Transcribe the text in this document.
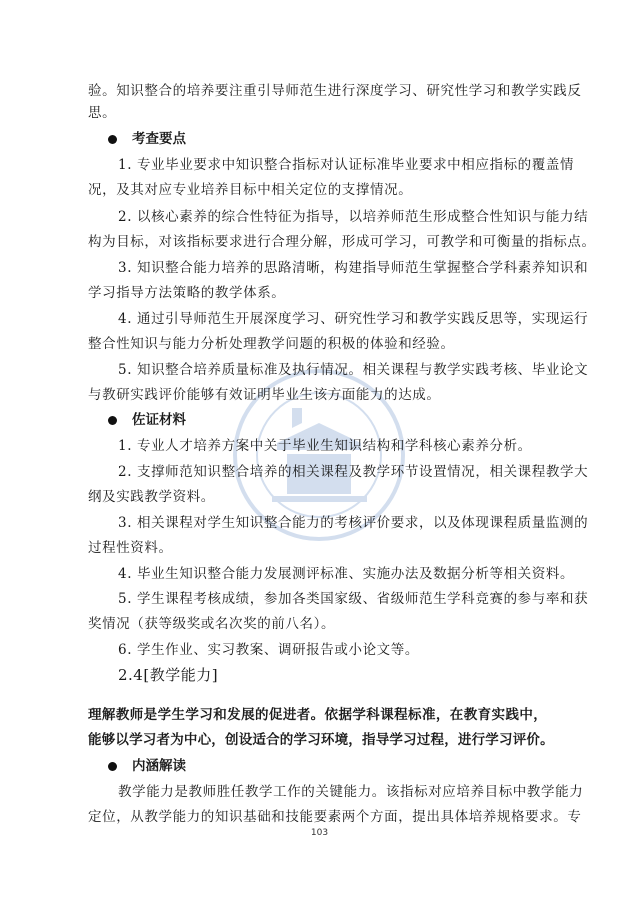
验。知识整合的培养要注重引导师范生进行深度学习、研究性学习和教学实践反
思。
考查要点
1. 专业毕业要求中知识整合指标对认证标准毕业要求中相应指标的覆盖情
况，及其对应专业培养目标中相关定位的支撑情况。
2. 以核心素养的综合性特征为指导，以培养师范生形成整合性知识与能力结
构为目标，对该指标要求进行合理分解，形成可学习，可教学和可衡量的指标点。
3. 知识整合能力培养的思路清晰，构建指导师范生掌握整合学科素养知识和
学习指导方法策略的教学体系。
4. 通过引导师范生开展深度学习、研究性学习和教学实践反思等，实现运行
整合性知识与能力分析处理教学问题的积极的体验和经验。
5. 知识整合培养质量标准及执行情况。相关课程与教学实践考核、毕业论文
与教研实践评价能够有效证明毕业生该方面能力的达成。
佐证材料
1. 专业人才培养方案中关于毕业生知识结构和学科核心素养分析。
2. 支撑师范知识整合培养的相关课程及教学环节设置情况，相关课程教学大
纲及实践教学资料。
3. 相关课程对学生知识整合能力的考核评价要求，以及体现课程质量监测的
过程性资料。
4. 毕业生知识整合能力发展测评标准、实施办法及数据分析等相关资料。
5. 学生课程考核成绩，参加各类国家级、省级师范生学科竞赛的参与率和获
奖情况（获等级奖或名次奖的前八名）。
6. 学生作业、实习教案、调研报告或小论文等。
2.4[教学能力]
理解教师是学生学习和发展的促进者。依据学科课程标准，在教育实践中，
能够以学习者为中心，创设适合的学习环境，指导学习过程，进行学习评价。
内涵解读
教学能力是教师胜任教学工作的关键能力。该指标对应培养目标中教学能力
定位，从教学能力的知识基础和技能要素两个方面，提出具体培养规格要求。专
103
